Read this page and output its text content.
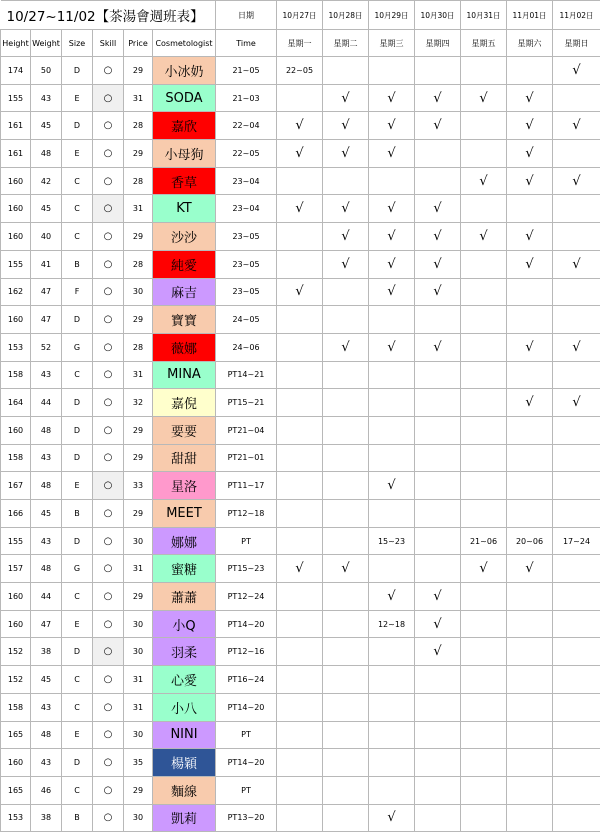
10/27~11/02【茶湯會週班表】						日期	10月27日	10月28日	10月29日	10月30日	10月31日	11月01日	11月02日
Height	Weight	Size	Skill	Price	Cosmetologist	Time	星期一	星期二	星期三	星期四	星期五	星期六	星期日
174	50	D	○	29	小冰奶	21~05	22~05						√
155	43	E	○	31	SODA	21~03		√	√	√	√	√	
161	45	D	○	28	嘉欣	22~04	√	√	√	√		√	√
161	48	E	○	29	小母狗	22~05	√	√	√			√	
160	42	C	○	28	香草	23~04					√	√	√
160	45	C	○	31	KT	23~04	√	√	√	√			
160	40	C	○	29	沙沙	23~05		√	√	√	√	√	
155	41	B	○	28	純愛	23~05		√	√	√		√	√
162	47	F	○	30	麻吉	23~05	√		√	√			
160	47	D	○	29	寶寶	24~05							
153	52	G	○	28	薇娜	24~06		√	√	√		√	√
158	43	C	○	31	MINA	PT14~21							
164	44	D	○	32	嘉倪	PT15~21						√	√
160	48	D	○	29	要要	PT21~04							
158	43	D	○	29	甜甜	PT21~01							
167	48	E	○	33	星洛	PT11~17			√				
166	45	B	○	29	MEET	PT12~18							
155	43	D	○	30	娜娜	PT			15~23		21~06	20~06	17~24
157	48	G	○	31	蜜糖	PT15~23	√	√			√	√	
160	44	C	○	29	蕭蕭	PT12~24			√	√			
160	47	E	○	30	小Q	PT14~20			12~18	√			
152	38	D	○	30	羽柔	PT12~16				√			
152	45	C	○	31	心愛	PT16~24							
158	43	C	○	31	小八	PT14~20							
165	48	E	○	30	NINI	PT							
160	43	D	○	35	楊穎	PT14~20							
165	46	C	○	29	麵線	PT							
153	38	B	○	30	凱莉	PT13~20			√				
